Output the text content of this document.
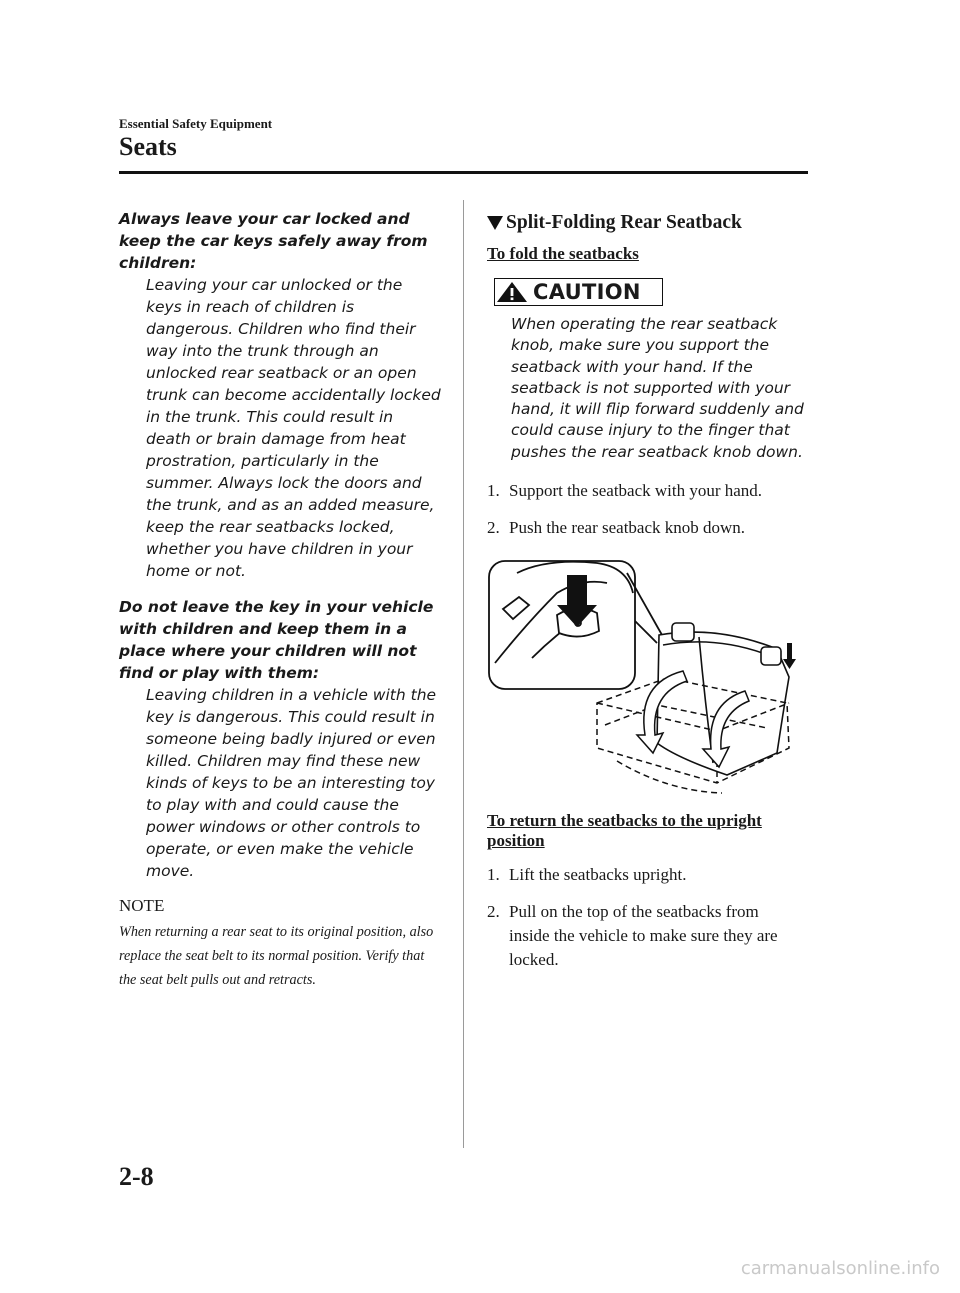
Essential Safety Equipment
Seats

Always leave your car locked and keep the car keys safely away from children:

Leaving your car unlocked or the keys in reach of children is dangerous. Children who find their way into the trunk through an unlocked rear seatback or an open trunk can become accidentally locked in the trunk. This could result in death or brain damage from heat prostration, particularly in the summer. Always lock the doors and the trunk, and as an added measure, keep the rear seatbacks locked, whether you have children in your home or not.

Do not leave the key in your vehicle with children and keep them in a place where your children will not find or play with them:

Leaving children in a vehicle with the key is dangerous. This could result in someone being badly injured or even killed. Children may find these new kinds of keys to be an interesting toy to play with and could cause the power windows or other controls to operate, or even make the vehicle move.

NOTE

When returning a rear seat to its original position, also replace the seat belt to its normal position. Verify that the seat belt pulls out and retracts.

Split-Folding Rear Seatback

To fold the seatbacks

CAUTION

When operating the rear seatback knob, make sure you support the seatback with your hand. If the seatback is not supported with your hand, it will flip forward suddenly and could cause injury to the finger that pushes the rear seatback knob down.

1. Support the seatback with your hand.
2. Push the rear seatback knob down.

To return the seatbacks to the upright

position

1. Lift the seatbacks upright.
2. Pull on the top of the seatbacks from

inside the vehicle to make sure they are

locked.

2-8
carmanualsonline.info
